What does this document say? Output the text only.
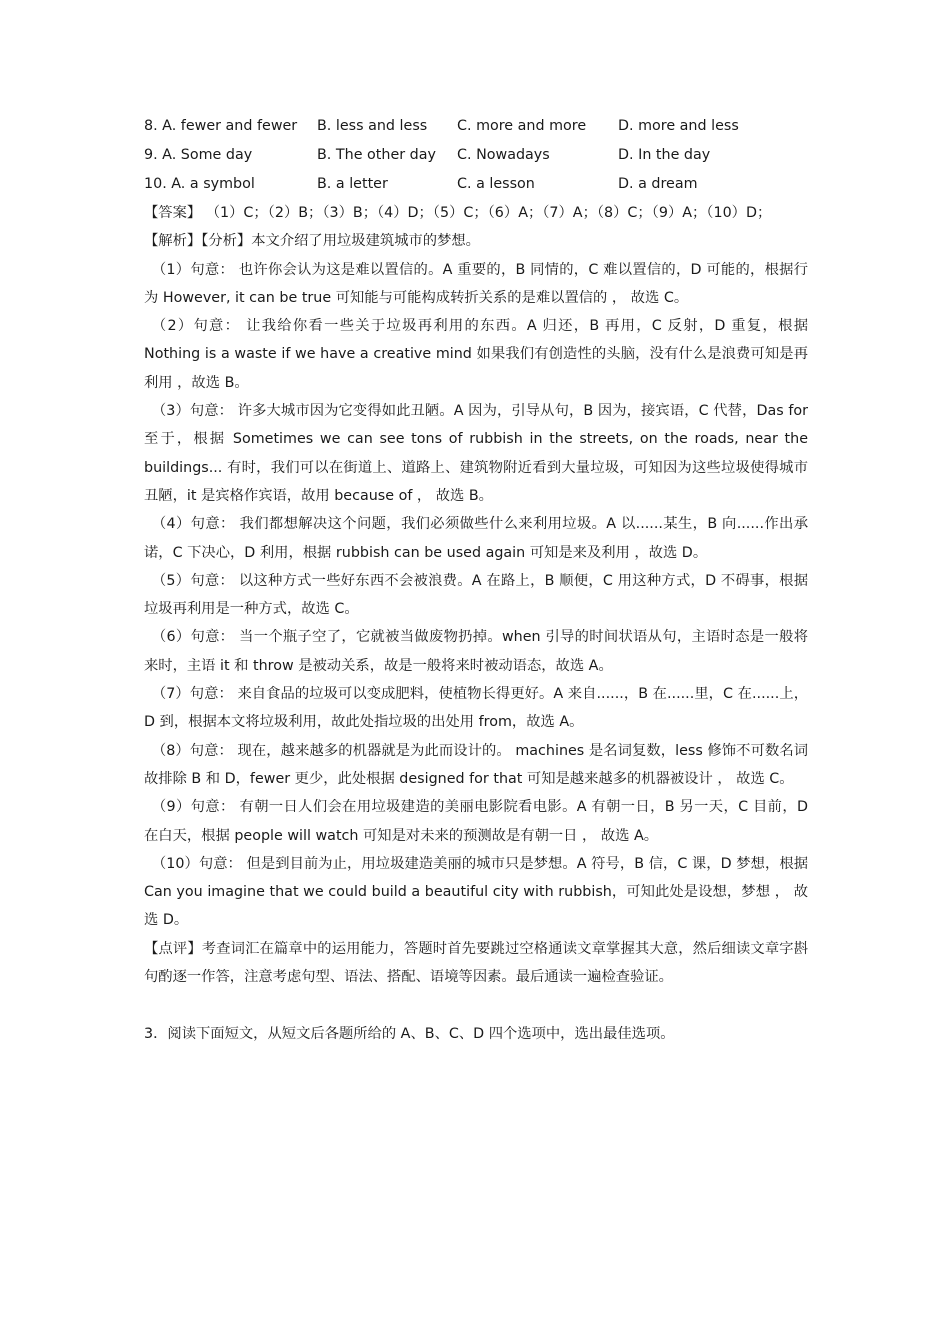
8. A. fewer and fewer	B. less and less	C. more and more	D. more and less
9. A. Some day	B. The other day	C. Nowadays	D. In the day
10. A. a symbol	B. a letter	C. a lesson	D. a dream

【答案】 （1）C；（2）B；（3）B；（4）D；（5）C；（6）A；（7）A；（8）C；（9）A；（10）D；

【解析】【分析】本文介绍了用垃圾建筑城市的梦想。

（1）句意： 也许你会认为这是难以置信的。A 重要的，B 同情的，C 难以置信的，D 可能的，根据行为 However, it can be true 可知能与可能构成转折关系的是难以置信的 ， 故选 C。

（2）句意： 让我给你看一些关于垃圾再利用的东西。A 归还，B 再用，C 反射，D 重复，根据 Nothing is a waste if we have a creative mind 如果我们有创造性的头脑，没有什么是浪费可知是再利用 ，故选 B。

（3）句意： 许多大城市因为它变得如此丑陋。A 因为，引导从句，B 因为，接宾语，C 代替，Das for 至于，根据 Sometimes we can see tons of rubbish in the streets, on the roads, near the buildings... 有时，我们可以在街道上、道路上、建筑物附近看到大量垃圾，可知因为这些垃圾使得城市丑陋，it 是宾格作宾语，故用 because of ， 故选 B。

（4）句意： 我们都想解决这个问题，我们必须做些什么来利用垃圾。A 以......某生，B 向......作出承诺，C 下决心，D 利用，根据 rubbish can be used again 可知是来及利用 ，故选 D。

（5）句意： 以这种方式一些好东西不会被浪费。A 在路上，B 顺便，C 用这种方式，D 不碍事，根据垃圾再利用是一种方式，故选 C。

（6）句意： 当一个瓶子空了，它就被当做废物扔掉。when 引导的时间状语从句，主语时态是一般将来时，主语 it 和 throw 是被动关系，故是一般将来时被动语态，故选 A。

（7）句意： 来自食品的垃圾可以变成肥料，使植物长得更好。A 来自......，B 在......里，C 在......上，D 到，根据本文将垃圾利用，故此处指垃圾的出处用 from，故选 A。

（8）句意： 现在，越来越多的机器就是为此而设计的。 machines 是名词复数，less 修饰不可数名词故排除 B 和 D，fewer 更少，此处根据 designed for that 可知是越来越多的机器被设计 ， 故选 C。

（9）句意： 有朝一日人们会在用垃圾建造的美丽电影院看电影。A 有朝一日，B 另一天，C 目前，D 在白天，根据 people will watch 可知是对未来的预测故是有朝一日 ， 故选 A。

（10）句意： 但是到目前为止，用垃圾建造美丽的城市只是梦想。A 符号，B 信，C 课，D 梦想，根据 Can you imagine that we could build a beautiful city with rubbish，可知此处是设想，梦想 ， 故选 D。

【点评】考查词汇在篇章中的运用能力，答题时首先要跳过空格通读文章掌握其大意，然后细读文章字斟句酌逐一作答，注意考虑句型、语法、搭配、语境等因素。最后通读一遍检查验证。

3．阅读下面短文，从短文后各题所给的 A、B、C、D 四个选项中，选出最佳选项。
